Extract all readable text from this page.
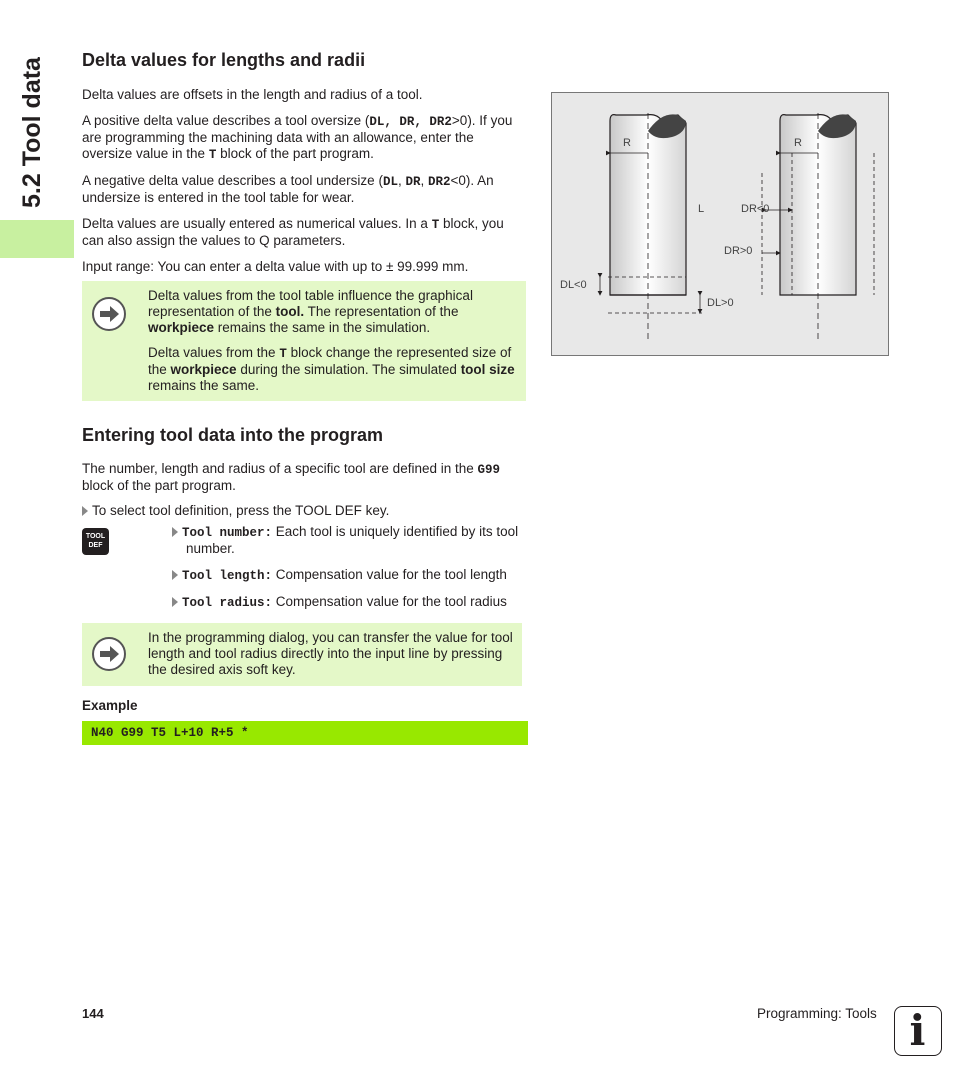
5.2 Tool data Delta values for lengths and radii

Delta values are offsets in the length and radius of a tool.

A positive delta value describes a tool oversize (DL, DR, DR2>0). If you are programming the machining data with an allowance, enter the oversize value in the T block of the part program.

A negative delta value describes a tool undersize (DL, DR, DR2<0). An undersize is entered in the tool table for wear.

Delta values are usually entered as numerical values. In a T block, you can also assign the values to Q parameters.

Input range: You can enter a delta value with up to ± 99.999 mm.

Delta values from the tool table influence the graphical representation of the tool. The representation of the workpiece remains the same in the simulation.

Delta values from the T block change the represented size of the workpiece during the simulation. The simulated tool size remains the same.

Entering tool data into the program

The number, length and radius of a specific tool are defined in the G99 block of the part program.

To select tool definition, press the TOOL DEF key.

TOOL
DEF

Tool number: Each tool is uniquely identified by its tool number.

Tool length: Compensation value for the tool length

Tool radius: Compensation value for the tool radius

In the programming dialog, you can transfer the value for tool length and tool radius directly into the input line by pressing the desired axis soft key.

Example
N40 G99 T5 L+10 R+5 *
R	R
L
DL<0
DL>0
DR<0
DR>0
144	Programming: Tools i
